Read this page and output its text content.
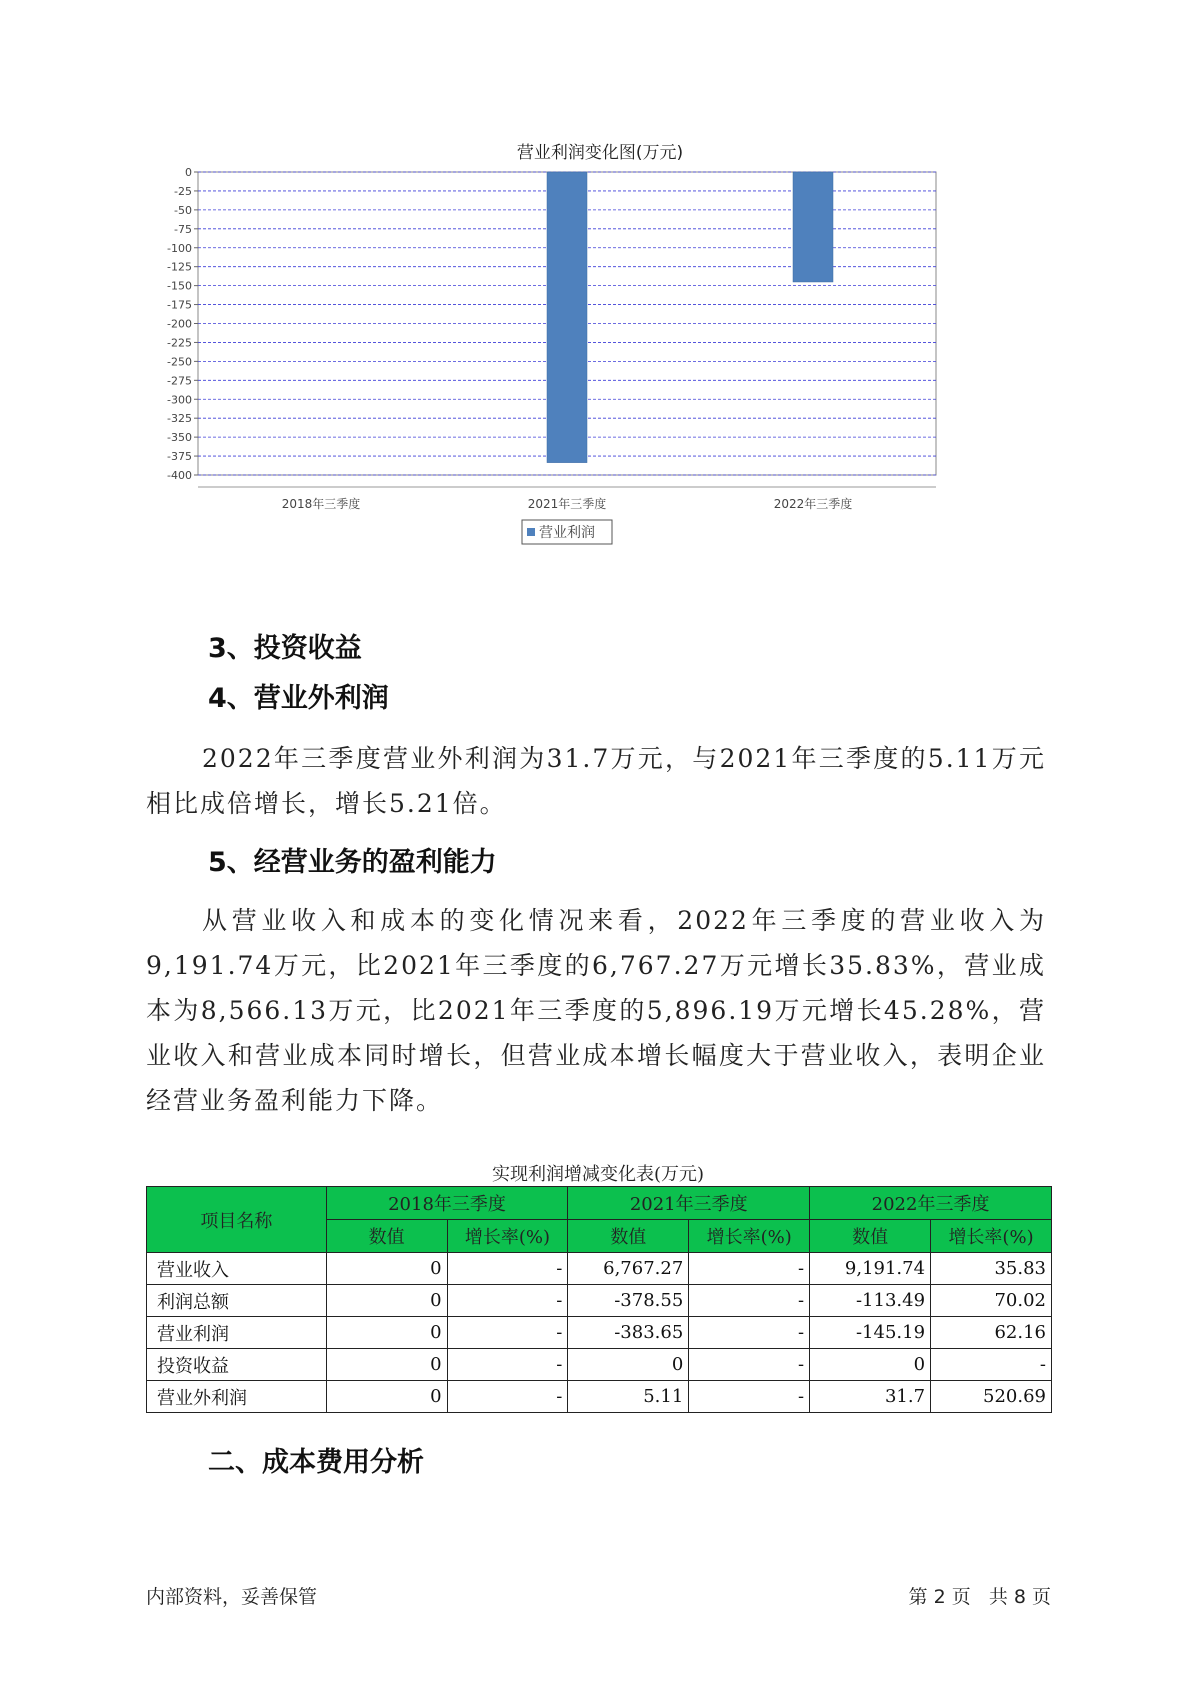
营业利润变化图(万元)
0
-25
-50
-75
-100
-125
-150
-175
-200
-225
-250
-275
-300
-325
-350
-375
-400
2018年三季度	2021年三季度	2022年三季度
营业利润
3、投资收益
4、营业外利润
2022年三季度营业外利润为31.7万元，与2021年三季度的5.11万元相比成倍增长，增长5.21倍。
5、经营业务的盈利能力
从营业收入和成本的变化情况来看，2022年三季度的营业收入为9,191.74万元，比2021年三季度的6,767.27万元增长35.83%，营业成本为8,566.13万元，比2021年三季度的5,896.19万元增长45.28%，营业收入和营业成本同时增长，但营业成本增长幅度大于营业收入，表明企业经营业务盈利能力下降。
实现利润增减变化表(万元)
项目名称	2018年三季度		2021年三季度		2022年三季度	
	数值	增长率(%)	数值	增长率(%)	数值	增长率(%)
营业收入	0	-	6,767.27	-	9,191.74	35.83
利润总额	0	-	-378.55	-	-113.49	70.02
营业利润	0	-	-383.65	-	-145.19	62.16
投资收益	0	-	0	-	0	-
营业外利润	0	-	5.11	-	31.7	520.69
二、成本费用分析
内部资料，妥善保管	第 2 页   共 8 页
